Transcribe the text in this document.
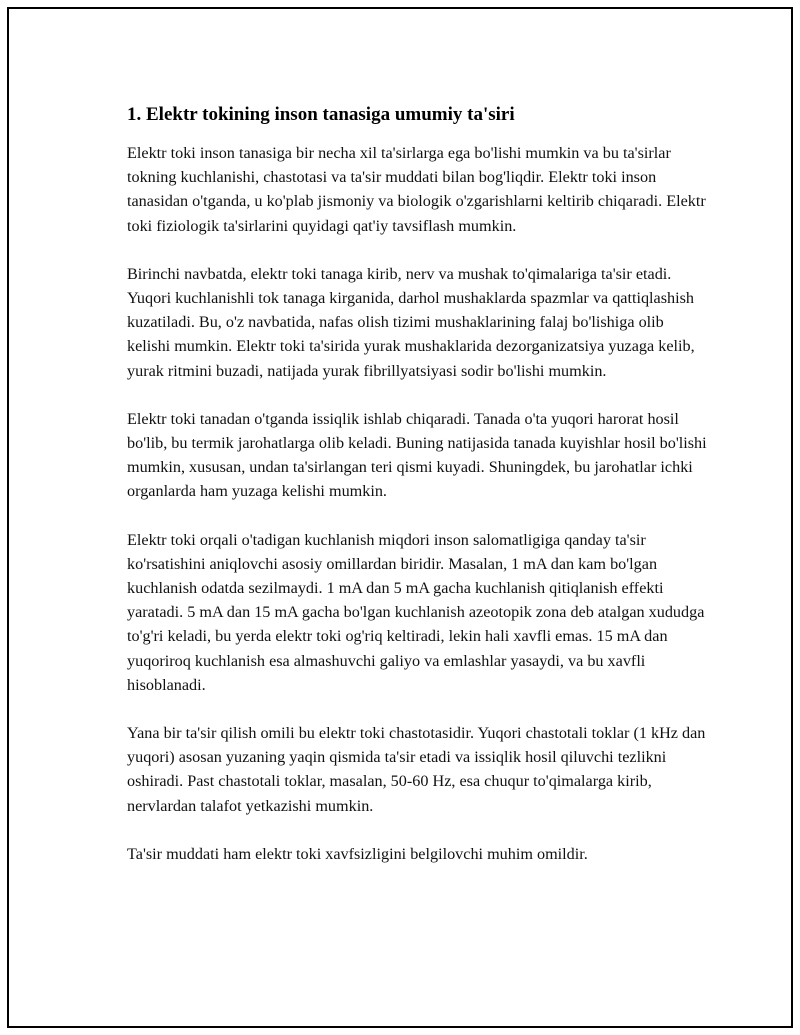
1. Elektr tokining inson tanasiga umumiy ta'siri

Elektr toki inson tanasiga bir necha xil ta'sirlarga ega bo'lishi mumkin va bu ta'sirlar tokning kuchlanishi, chastotasi va ta'sir muddati bilan bog'liqdir. Elektr toki inson tanasidan o'tganda, u ko'plab jismoniy va biologik o'zgarishlarni keltirib chiqaradi. Elektr toki fiziologik ta'sirlarini quyidagi qat'iy tavsiflash mumkin.

Birinchi navbatda, elektr toki tanaga kirib, nerv va mushak to'qimalariga ta'sir etadi. Yuqori kuchlanishli tok tanaga kirganida, darhol mushaklarda spazmlar va qattiqlashish kuzatiladi. Bu, o'z navbatida, nafas olish tizimi mushaklarining falaj bo'lishiga olib kelishi mumkin. Elektr toki ta'sirida yurak mushaklarida dezorganizatsiya yuzaga kelib, yurak ritmini buzadi, natijada yurak fibrillyatsiyasi sodir bo'lishi mumkin.

Elektr toki tanadan o'tganda issiqlik ishlab chiqaradi. Tanada o'ta yuqori harorat hosil bo'lib, bu termik jarohatlarga olib keladi. Buning natijasida tanada kuyishlar hosil bo'lishi mumkin, xususan, undan ta'sirlangan teri qismi kuyadi. Shuningdek, bu jarohatlar ichki organlarda ham yuzaga kelishi mumkin.

Elektr toki orqali o'tadigan kuchlanish miqdori inson salomatligiga qanday ta'sir ko'rsatishini aniqlovchi asosiy omillardan biridir. Masalan, 1 mA dan kam bo'lgan kuchlanish odatda sezilmaydi. 1 mA dan 5 mA gacha kuchlanish qitiqlanish effekti yaratadi. 5 mA dan 15 mA gacha bo'lgan kuchlanish azeotopik zona deb atalgan xududga to'g'ri keladi, bu yerda elektr toki og'riq keltiradi, lekin hali xavfli emas. 15 mA dan yuqoriroq kuchlanish esa almashuvchi galiyo va emlashlar yasaydi, va bu xavfli hisoblanadi.

Yana bir ta'sir qilish omili bu elektr toki chastotasidir. Yuqori chastotali toklar (1 kHz dan yuqori) asosan yuzaning yaqin qismida ta'sir etadi va issiqlik hosil qiluvchi tezlikni oshiradi. Past chastotali toklar, masalan, 50-60 Hz, esa chuqur to'qimalarga kirib, nervlardan talafot yetkazishi mumkin.

Ta'sir muddati ham elektr toki xavfsizligini belgilovchi muhim omildir.
